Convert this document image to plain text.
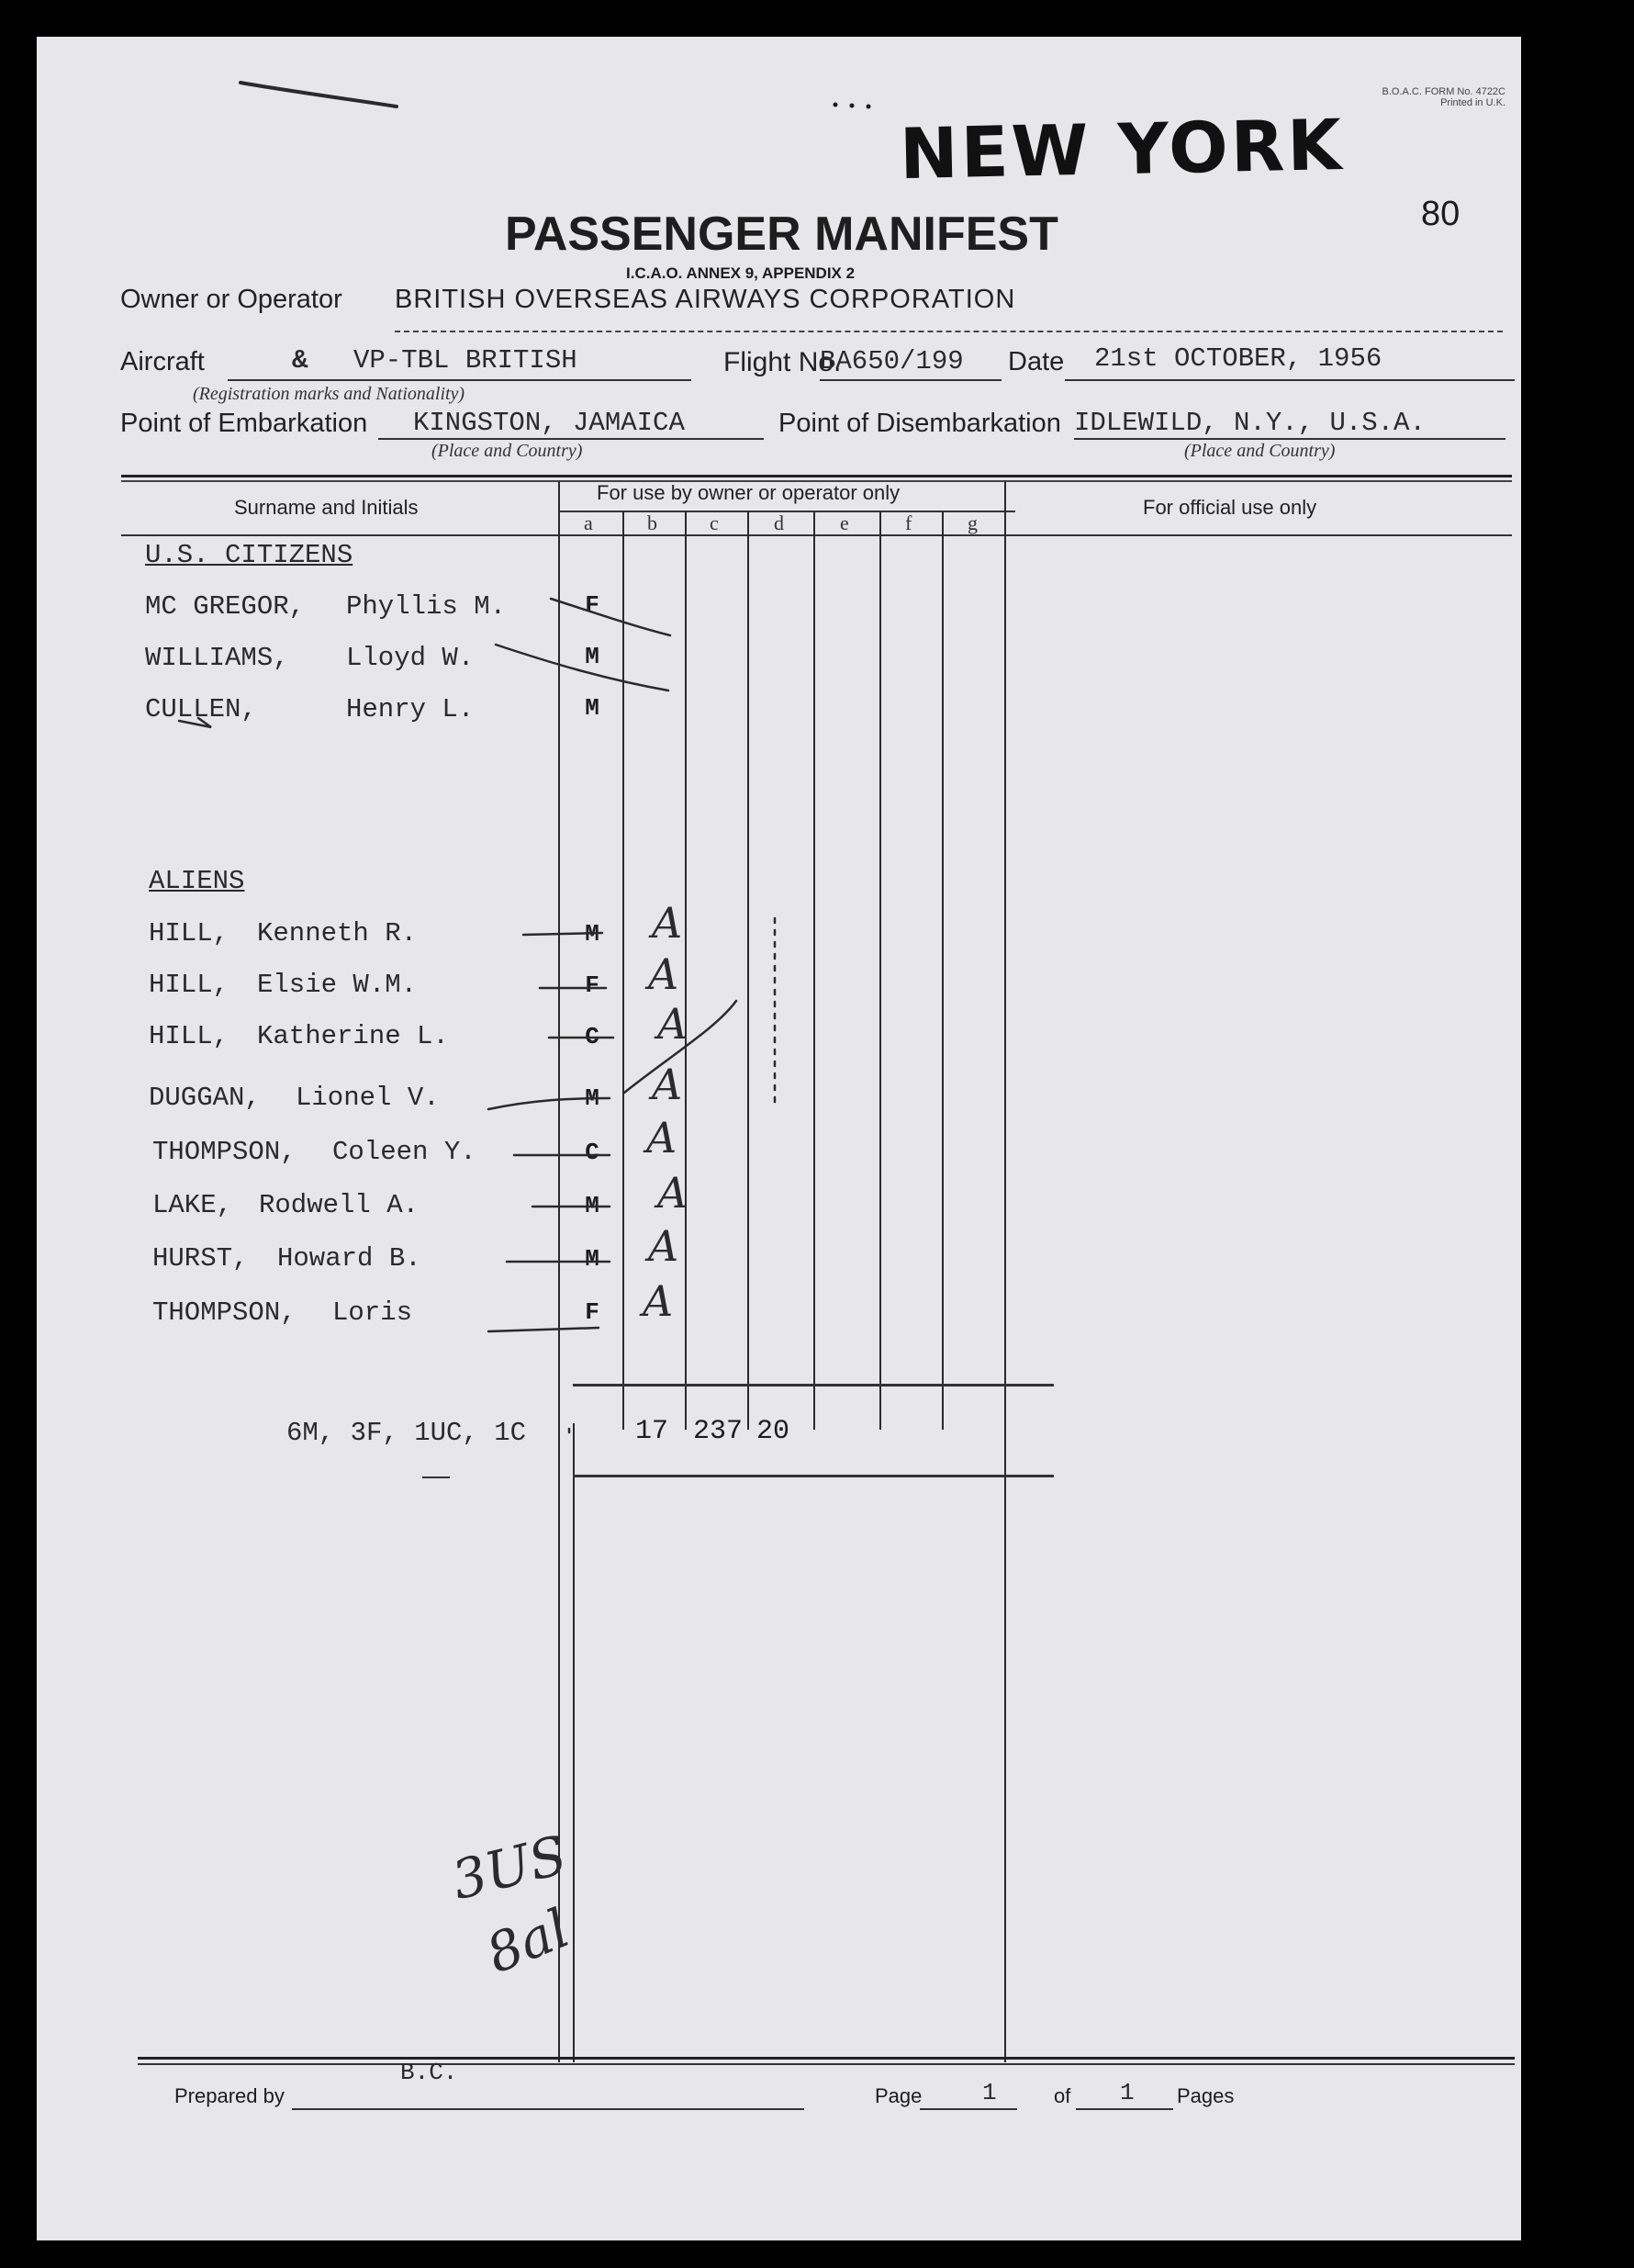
B.O.A.C. FORM No. 4722C
Printed in U.K.
NEW YORK
80
PASSENGER MANIFEST
I.C.A.O. ANNEX 9, APPENDIX 2
Owner or Operator BRITISH OVERSEAS AIRWAYS CORPORATION
Aircraft	& VP-TBL BRITISH
(Registration marks and Nationality)
Flight No.
BA650/199 Date 21st OCTOBER, 1956
Point of Embarkation KINGSTON, JAMAICA
(Place and Country)
Point of Disembarkation IDLEWILD, N.Y., U.S.A.
(Place and Country)
Surname and Initials
For use by owner or operator only
For official use only
a	b	c	d	e	f	g
U.S. CITIZENS
MC GREGOR, Phyllis M.	F
WILLIAMS, Lloyd W.	M
CULLEN,	Henry L.	M
ALIENS
HILL, Kenneth R.	M	A
HILL, Elsie W.M.	F	A
HILL, Katherine L.	C	A
DUGGAN, Lionel V.	M	A
THOMPSON, Coleen Y.	C	A
LAKE, Rodwell A.	M	A
HURST, Howard B.	M	A
THOMPSON, Loris	F	A
6M, 3F, 1UC, 1C	17 237 20
3US
8al
Prepared by
B.C.
Page	1	of 1 Pages
